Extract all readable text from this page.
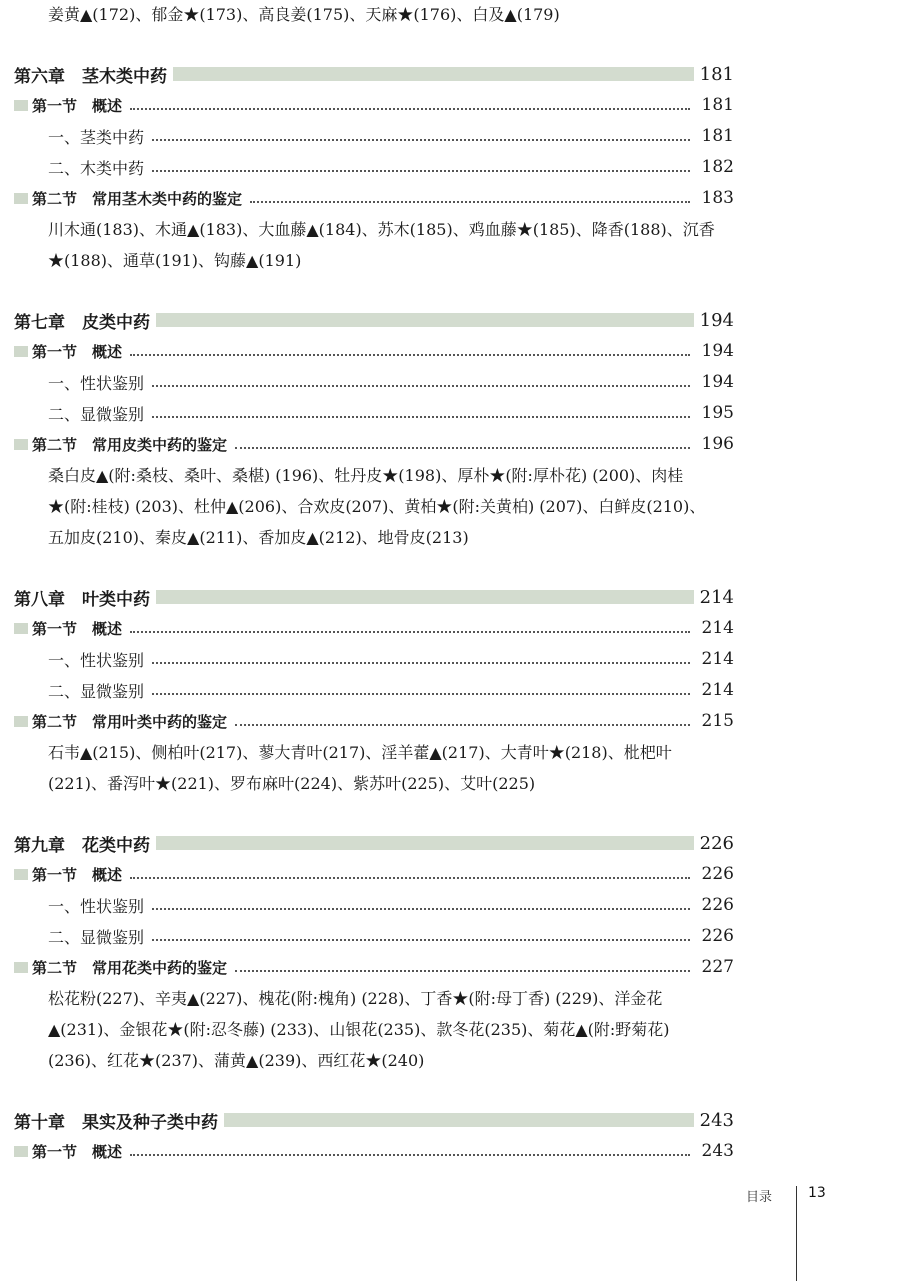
姜黄▲(172)、郁金★(173)、高良姜(175)、天麻★(176)、白及▲(179)
第六章　茎木类中药	181
第一节　概述	181
一、茎类中药	181
二、木类中药	182
第二节　常用茎木类中药的鉴定	183
川木通(183)、木通▲(183)、大血藤▲(184)、苏木(185)、鸡血藤★(185)、降香(188)、沉香★(188)、通草(191)、钩藤▲(191)
第七章　皮类中药	194
第一节　概述	194
一、性状鉴别	194
二、显微鉴别	195
第二节　常用皮类中药的鉴定	196
桑白皮▲(附:桑枝、桑叶、桑椹) (196)、牡丹皮★(198)、厚朴★(附:厚朴花) (200)、肉桂★(附:桂枝) (203)、杜仲▲(206)、合欢皮(207)、黄柏★(附:关黄柏) (207)、白鲜皮(210)、五加皮(210)、秦皮▲(211)、香加皮▲(212)、地骨皮(213)
第八章　叶类中药	214
第一节　概述	214
一、性状鉴别	214
二、显微鉴别	214
第二节　常用叶类中药的鉴定	215
石韦▲(215)、侧柏叶(217)、蓼大青叶(217)、淫羊藿▲(217)、大青叶★(218)、枇杷叶(221)、番泻叶★(221)、罗布麻叶(224)、紫苏叶(225)、艾叶(225)
第九章　花类中药	226
第一节　概述	226
一、性状鉴别	226
二、显微鉴别	226
第二节　常用花类中药的鉴定	227
松花粉(227)、辛夷▲(227)、槐花(附:槐角) (228)、丁香★(附:母丁香) (229)、洋金花▲(231)、金银花★(附:忍冬藤) (233)、山银花(235)、款冬花(235)、菊花▲(附:野菊花) (236)、红花★(237)、蒲黄▲(239)、西红花★(240)
第十章　果实及种子类中药	243
第一节　概述	243
目录	13
